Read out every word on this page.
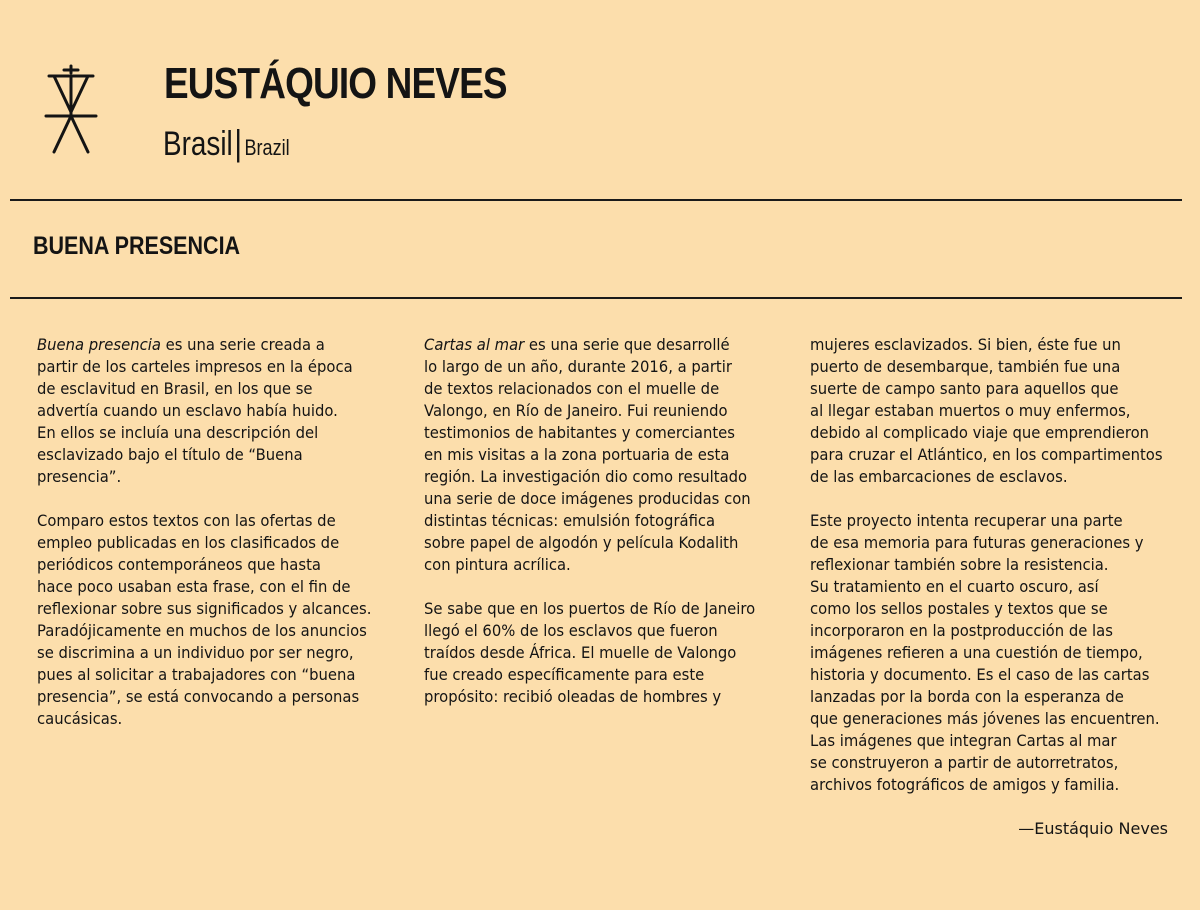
EUSTÁQUIO NEVES
Brasil| Brazil
BUENA PRESENCIA

Buena presencia es una serie creada a

partir de los carteles impresos en la época

de esclavitud en Brasil, en los que se

advertía cuando un esclavo había huido.

En ellos se incluía una descripción del

esclavizado bajo el título de “Buena

presencia”.

Comparo estos textos con las ofertas de

empleo publicadas en los clasificados de

periódicos contemporáneos que hasta

hace poco usaban esta frase, con el fin de

reflexionar sobre sus significados y alcances.

Paradójicamente en muchos de los anuncios

se discrimina a un individuo por ser negro,

pues al solicitar a trabajadores con “buena

presencia”, se está convocando a personas

caucásicas.

Cartas al mar es una serie que desarrollé

lo largo de un año, durante 2016, a partir

de textos relacionados con el muelle de

Valongo, en Río de Janeiro. Fui reuniendo

testimonios de habitantes y comerciantes

en mis visitas a la zona portuaria de esta

región. La investigación dio como resultado

una serie de doce imágenes producidas con

distintas técnicas: emulsión fotográfica

sobre papel de algodón y película Kodalith

con pintura acrílica.

Se sabe que en los puertos de Río de Janeiro

llegó el 60% de los esclavos que fueron

traídos desde África. El muelle de Valongo

fue creado específicamente para este

propósito: recibió oleadas de hombres y

mujeres esclavizados. Si bien, éste fue un

puerto de desembarque, también fue una

suerte de campo santo para aquellos que

al llegar estaban muertos o muy enfermos,

debido al complicado viaje que emprendieron

para cruzar el Atlántico, en los compartimentos

de las embarcaciones de esclavos.

Este proyecto intenta recuperar una parte

de esa memoria para futuras generaciones y

reflexionar también sobre la resistencia.

Su tratamiento en el cuarto oscuro, así

como los sellos postales y textos que se

incorporaron en la postproducción de las

imágenes refieren a una cuestión de tiempo,

historia y documento. Es el caso de las cartas

lanzadas por la borda con la esperanza de

que generaciones más jóvenes las encuentren.

Las imágenes que integran Cartas al mar

se construyeron a partir de autorretratos,

archivos fotográficos de amigos y familia.

—Eustáquio Neves
